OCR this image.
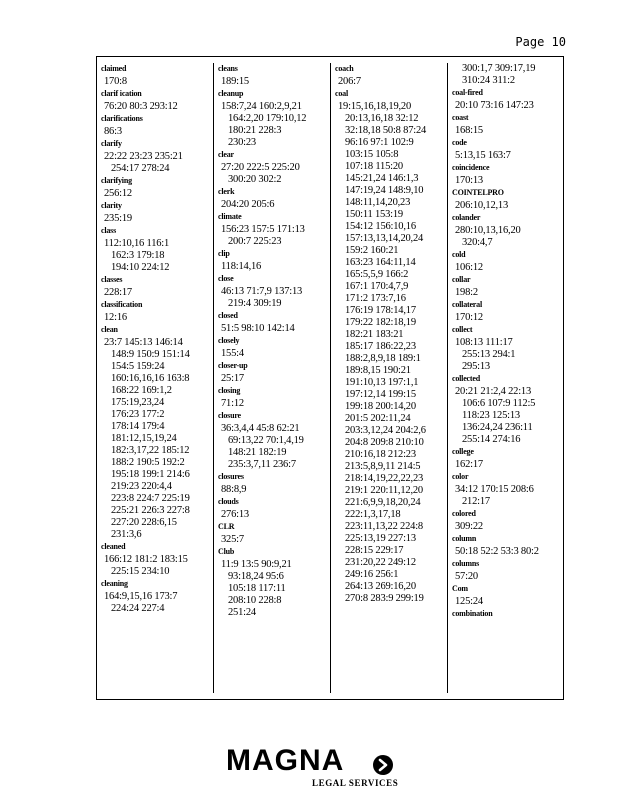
Page 10
claimed
170:8
clarif ication
76:20 80:3 293:12
clarifications
86:3
clarify
22:22 23:23 235:21
254:17 278:24
clarifying
256:12
clarity
235:19
class
112:10,16 116:1
162:3 179:18
194:10 224:12
classes
228:17
classification
12:16
clean
23:7 145:13 146:14
148:9 150:9 151:14
154:5 159:24
160:16,16,16 163:8
168:22 169:1,2
175:19,23,24
176:23 177:2
178:14 179:4
181:12,15,19,24
182:3,17,22 185:12
188:2 190:5 192:2
195:18 199:1 214:6
219:23 220:4,4
223:8 224:7 225:19
225:21 226:3 227:8
227:20 228:6,15
231:3,6
cleaned
166:12 181:2 183:15
225:15 234:10
cleaning
164:9,15,16 173:7
224:24 227:4
cleans
189:15
cleanup
158:7,24 160:2,9,21
164:2,20 179:10,12
180:21 228:3
230:23
clear
27:20 222:5 225:20
300:20 302:2
clerk
204:20 205:6
climate
156:23 157:5 171:13
200:7 225:23
clip
118:14,16
close
46:13 71:7,9 137:13
219:4 309:19
closed
51:5 98:10 142:14
closely
155:4
closer-up
25:17
closing
71:12
closure
36:3,4,4 45:8 62:21
69:13,22 70:1,4,19
148:21 182:19
235:3,7,11 236:7
closures
88:8,9
clouds
276:13
CLR
325:7
Club
11:9 13:5 90:9,21
93:18,24 95:6
105:18 117:11
208:10 228:8
251:24
coach
206:7
coal
19:15,16,18,19,20
20:13,16,18 32:12
32:18,18 50:8 87:24
96:16 97:1 102:9
103:15 105:8
107:18 115:20
145:21,24 146:1,3
147:19,24 148:9,10
148:11,14,20,23
150:11 153:19
154:12 156:10,16
157:13,13,14,20,24
159:2 160:21
163:23 164:11,14
165:5,5,9 166:2
167:1 170:4,7,9
171:2 173:7,16
176:19 178:14,17
179:22 182:18,19
182:21 183:21
185:17 186:22,23
188:2,8,9,18 189:1
189:8,15 190:21
191:10,13 197:1,1
197:12,14 199:15
199:18 200:14,20
201:5 202:11,24
203:3,12,24 204:2,6
204:8 209:8 210:10
210:16,18 212:23
213:5,8,9,11 214:5
218:14,19,22,22,23
219:1 220:11,12,20
221:6,9,9,18,20,24
222:1,3,17,18
223:11,13,22 224:8
225:13,19 227:13
228:15 229:17
231:20,22 249:12
249:16 256:1
264:13 269:16,20
270:8 283:9 299:19
300:1,7 309:17,19
310:24 311:2
coal-fired
20:10 73:16 147:23
coast
168:15
code
5:13,15 163:7
coincidence
170:13
COINTELPRO
206:10,12,13
colander
280:10,13,16,20
320:4,7
cold
106:12
collar
198:2
collateral
170:12
collect
108:13 111:17
255:13 294:1
295:13
collected
20:21 21:2,4 22:13
106:6 107:9 112:5
118:23 125:13
136:24,24 236:11
255:14 274:16
college
162:17
color
34:12 170:15 208:6
212:17
colored
309:22
column
50:18 52:2 53:3 80:2
columns
57:20
Com
125:24
combination
MAGNA
LEGAL SERVICES
